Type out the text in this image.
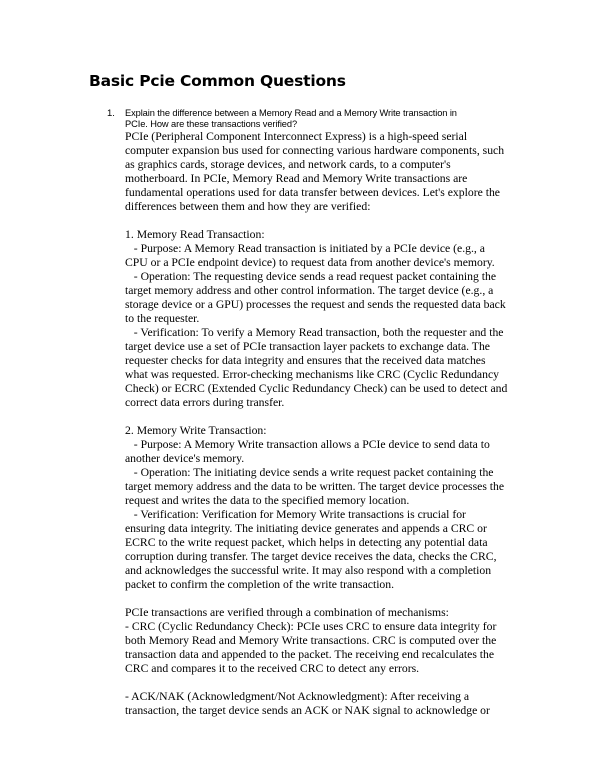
Basic Pcie Common Questions
1. Explain the difference between a Memory Read and a Memory Write transaction in
PCIe. How are these transactions verified?
PCIe (Peripheral Component Interconnect Express) is a high-speed serial
computer expansion bus used for connecting various hardware components, such
as graphics cards, storage devices, and network cards, to a computer's
motherboard. In PCIe, Memory Read and Memory Write transactions are
fundamental operations used for data transfer between devices. Let's explore the
differences between them and how they are verified:
1. Memory Read Transaction:
- Purpose: A Memory Read transaction is initiated by a PCIe device (e.g., a
CPU or a PCIe endpoint device) to request data from another device's memory.
- Operation: The requesting device sends a read request packet containing the
target memory address and other control information. The target device (e.g., a
storage device or a GPU) processes the request and sends the requested data back
to the requester.
- Verification: To verify a Memory Read transaction, both the requester and the
target device use a set of PCIe transaction layer packets to exchange data. The
requester checks for data integrity and ensures that the received data matches
what was requested. Error-checking mechanisms like CRC (Cyclic Redundancy
Check) or ECRC (Extended Cyclic Redundancy Check) can be used to detect and
correct data errors during transfer.
2. Memory Write Transaction:
- Purpose: A Memory Write transaction allows a PCIe device to send data to
another device's memory.
- Operation: The initiating device sends a write request packet containing the
target memory address and the data to be written. The target device processes the
request and writes the data to the specified memory location.
- Verification: Verification for Memory Write transactions is crucial for
ensuring data integrity. The initiating device generates and appends a CRC or
ECRC to the write request packet, which helps in detecting any potential data
corruption during transfer. The target device receives the data, checks the CRC,
and acknowledges the successful write. It may also respond with a completion
packet to confirm the completion of the write transaction.
PCIe transactions are verified through a combination of mechanisms:
- CRC (Cyclic Redundancy Check): PCIe uses CRC to ensure data integrity for
both Memory Read and Memory Write transactions. CRC is computed over the
transaction data and appended to the packet. The receiving end recalculates the
CRC and compares it to the received CRC to detect any errors.
- ACK/NAK (Acknowledgment/Not Acknowledgment): After receiving a
transaction, the target device sends an ACK or NAK signal to acknowledge or
